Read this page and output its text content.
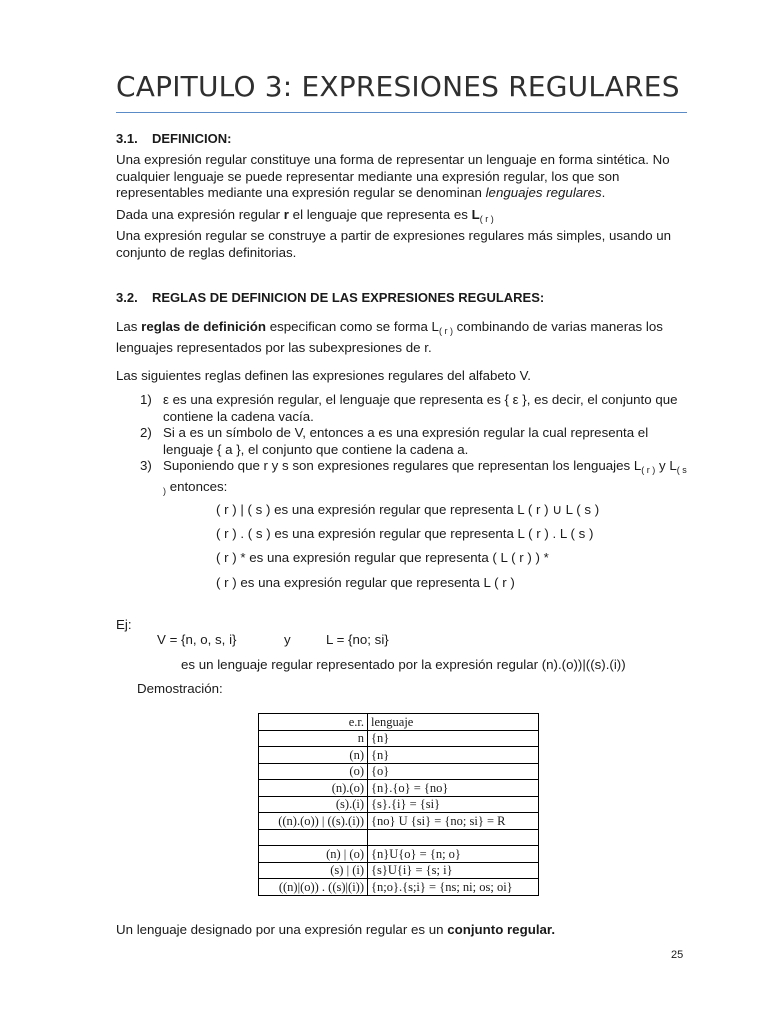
CAPITULO 3: EXPRESIONES REGULARES
3.1. DEFINICION:
Una expresión regular constituye una forma de representar un lenguaje en forma sintética. No cualquier lenguaje se puede representar mediante una expresión regular, los que son representables mediante una expresión regular se denominan lenguajes regulares.
Dada una expresión regular r el lenguaje que representa es $L_{( r )}$
Una expresión regular se construye a partir de expresiones regulares más simples, usando un conjunto de reglas definitorias.
3.2. REGLAS DE DEFINICION DE LAS EXPRESIONES REGULARES:
Las reglas de definición especifican como se forma $L_{( r )}$ combinando de varias maneras los lenguajes representados por las subexpresiones de r.
Las siguientes reglas definen las expresiones regulares del alfabeto V.
1) ε es una expresión regular, el lenguaje que representa es { ε }, es decir, el conjunto que contiene la cadena vacía.
2) Si a es un símbolo de V, entonces a es una expresión regular la cual representa el lenguaje { a }, el conjunto que contiene la cadena a.
3) Suponiendo que r y s son expresiones regulares que representan los lenguajes $L_{( r )}$ y $L_{( s )}$ entonces:
( r ) | ( s ) es una expresión regular que representa L ( r ) ∪ L ( s )
( r ) . ( s ) es una expresión regular que representa L ( r ) . L ( s )
( r ) * es una expresión regular que representa ( L ( r ) ) *
( r ) es una expresión regular que representa L ( r )
Ej:
V = {n, o, s, i}	y	L = {no; si}
es un lenguaje regular representado por la expresión regular (n).(o))|((s).(i))
Demostración:
e.r.	lenguaje
n	{n}
(n)	{n}
(o)	{o}
(n).(o)	{n}.{o} = {no}
(s).(i)	{s}.{i} = {si}
((n).(o)) | ((s).(i))	{no} U {si} = {no; si} = R

(n) | (o)	{n}U{o} = {n; o}
(s) | (i)	{s}U{i} = {s; i}
((n)|(o)) . ((s)|(i))	{n;o}.{s;i} = {ns; ni; os; oi}
Un lenguaje designado por una expresión regular es un conjunto regular.
25
